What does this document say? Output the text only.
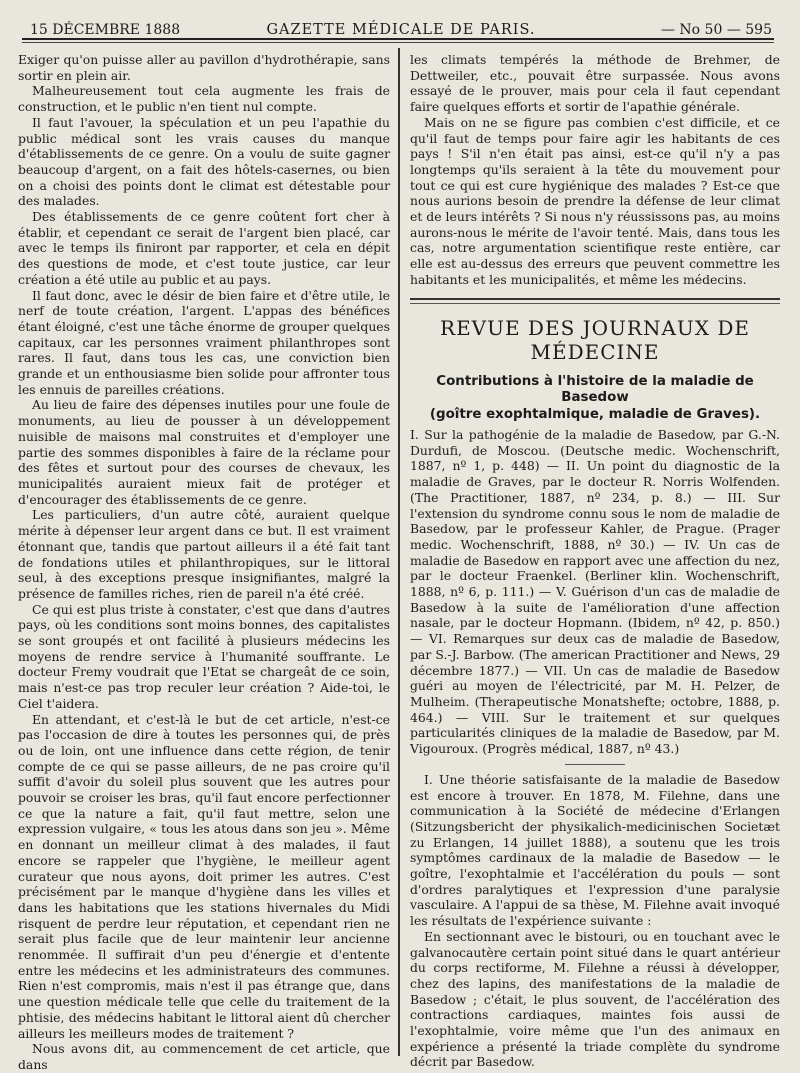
15 DÉCEMBRE 1888	GAZETTE MÉDICALE DE PARIS.	— Nᴏ 50 — 595

Exiger qu'on puisse aller au pavillon d'hydrothérapie, sans sortir en plein air.

Malheureusement tout cela augmente les frais de construction, et le public n'en tient nul compte.

Il faut l'avouer, la spéculation et un peu l'apathie du public médical sont les vrais causes du manque d'établissements de ce genre. On a voulu de suite gagner beaucoup d'argent, on a fait des hôtels-casernes, ou bien on a choisi des points dont le climat est détestable pour des malades.

Des établissements de ce genre coûtent fort cher à établir, et cependant ce serait de l'argent bien placé, car avec le temps ils finiront par rapporter, et cela en dépit des questions de mode, et c'est toute justice, car leur création a été utile au public et au pays.

Il faut donc, avec le désir de bien faire et d'être utile, le nerf de toute création, l'argent. L'appas des bénéfices étant éloigné, c'est une tâche énorme de grouper quelques capitaux, car les personnes vraiment philanthropes sont rares. Il faut, dans tous les cas, une conviction bien grande et un enthousiasme bien solide pour affronter tous les ennuis de pareilles créations.

Au lieu de faire des dépenses inutiles pour une foule de monuments, au lieu de pousser à un développement nuisible de maisons mal construites et d'employer une partie des sommes disponibles à faire de la réclame pour des fêtes et surtout pour des courses de chevaux, les municipalités auraient mieux fait de protéger et d'encourager des établissements de ce genre.

Les particuliers, d'un autre côté, auraient quelque mérite à dépenser leur argent dans ce but. Il est vraiment étonnant que, tandis que partout ailleurs il a été fait tant de fondations utiles et philanthropiques, sur le littoral seul, à des exceptions presque insignifiantes, malgré la présence de familles riches, rien de pareil n'a été créé.

Ce qui est plus triste à constater, c'est que dans d'autres pays, où les conditions sont moins bonnes, des capitalistes se sont groupés et ont facilité à plusieurs médecins les moyens de rendre service à l'humanité souffrante. Le docteur Fremy voudrait que l'Etat se chargeât de ce soin, mais n'est-ce pas trop reculer leur création ? Aide-toi, le Ciel t'aidera.

En attendant, et c'est-là le but de cet article, n'est-ce pas l'occasion de dire à toutes les personnes qui, de près ou de loin, ont une influence dans cette région, de tenir compte de ce qui se passe ailleurs, de ne pas croire qu'il suffit d'avoir du soleil plus souvent que les autres pour pouvoir se croiser les bras, qu'il faut encore perfectionner ce que la nature a fait, qu'il faut mettre, selon une expression vulgaire, « tous les atous dans son jeu ». Même en donnant un meilleur climat à des malades, il faut encore se rappeler que l'hygiène, le meilleur agent curateur que nous ayons, doit primer les autres. C'est précisément par le manque d'hygiène dans les villes et dans les habitations que les stations hivernales du Midi risquent de perdre leur réputation, et cependant rien ne serait plus facile que de leur maintenir leur ancienne renommée. Il suffirait d'un peu d'énergie et d'entente entre les médecins et les administrateurs des communes. Rien n'est compromis, mais n'est il pas étrange que, dans une question médicale telle que celle du traitement de la phtisie, des médecins habitant le littoral aient dû chercher ailleurs les meilleurs modes de traitement ?

Nous avons dit, au commencement de cet article, que dans

les climats tempérés la méthode de Brehmer, de Dettweiler, etc., pouvait être surpassée. Nous avons essayé de le prouver, mais pour cela il faut cependant faire quelques efforts et sortir de l'apathie générale.

Mais on ne se figure pas combien c'est difficile, et ce qu'il faut de temps pour faire agir les habitants de ces pays ! S'il n'en était pas ainsi, est-ce qu'il n'y a pas longtemps qu'ils seraient à la tête du mouvement pour tout ce qui est cure hygiénique des malades ? Est-ce que nous aurions besoin de prendre la défense de leur climat et de leurs intérêts ? Si nous n'y réussissons pas, au moins aurons-nous le mérite de l'avoir tenté. Mais, dans tous les cas, notre argumentation scientifique reste entière, car elle est au-dessus des erreurs que peuvent commettre les habitants et les municipalités, et même les médecins.

REVUE DES JOURNAUX DE MÉDECINE
Contributions à l'histoire de la maladie de Basedow
(goître exophtalmique, maladie de Graves).

I. Sur la pathogénie de la maladie de Basedow, par G.-N. Durdufi, de Moscou. (Deutsche medic. Wochenschrift, 1887, nº 1, p. 448) — II. Un point du diagnostic de la maladie de Graves, par le docteur R. Norris Wolfenden. (The Practitioner, 1887, nº 234, p. 8.) — III. Sur l'extension du syndrome connu sous le nom de maladie de Basedow, par le professeur Kahler, de Prague. (Prager medic. Wochenschrift, 1888, nº 30.) — IV. Un cas de maladie de Basedow en rapport avec une affection du nez, par le docteur Fraenkel. (Berliner klin. Wochenschrift, 1888, nº 6, p. 111.) — V. Guérison d'un cas de maladie de Basedow à la suite de l'amélioration d'une affection nasale, par le docteur Hopmann. (Ibidem, nº 42, p. 850.) — VI. Remarques sur deux cas de maladie de Basedow, par S.-J. Barbow. (The american Practitioner and News, 29 décembre 1877.) — VII. Un cas de maladie de Basedow guéri au moyen de l'électricité, par M. H. Pelzer, de Mulheim. (Therapeutische Monatshefte; octobre, 1888, p. 464.) — VIII. Sur le traitement et sur quelques particularités cliniques de la maladie de Basedow, par M. Vigouroux. (Progrès médical, 1887, nº 43.)

I. Une théorie satisfaisante de la maladie de Basedow est encore à trouver. En 1878, M. Filehne, dans une communication à la Société de médecine d'Erlangen (Sitzungsbericht der physikalich-medicinischen Societæt zu Erlangen, 14 juillet 1888), a soutenu que les trois symptômes cardinaux de la maladie de Basedow — le goître, l'exophtalmie et l'accélération du pouls — sont d'ordres paralytiques et l'expression d'une paralysie vasculaire. A l'appui de sa thèse, M. Filehne avait invoqué les résultats de l'expérience suivante :

En sectionnant avec le bistouri, ou en touchant avec le galvanocautère certain point situé dans le quart antérieur du corps rectiforme, M. Filehne a réussi à développer, chez des lapins, des manifestations de la maladie de Basedow ; c'était, le plus souvent, de l'accélération des contractions cardiaques, maintes fois aussi de l'exophtalmie, voire même que l'un des animaux en expérience a présenté la triade complète du syndrome décrit par Basedow.
